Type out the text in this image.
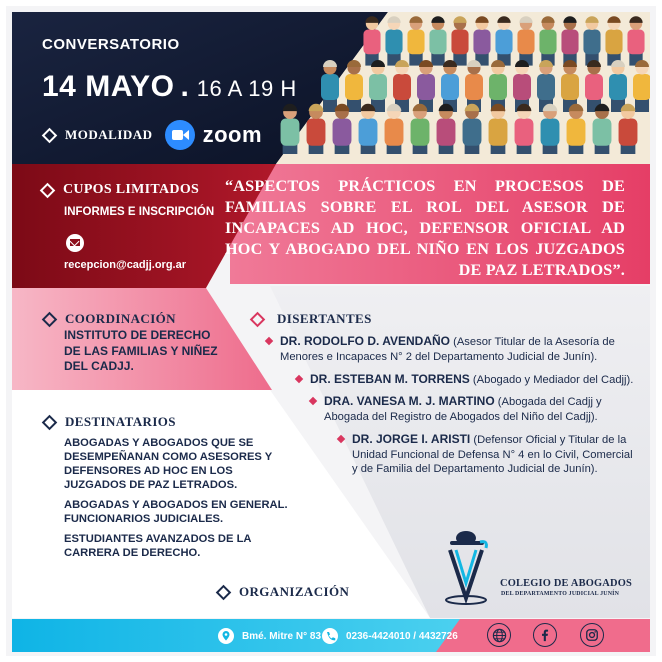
CONVERSATORIO
14 MAYO . 16 A 19 H
MODALIDAD zoom
CUPOS LIMITADOS
INFORMES E INSCRIPCIÓN
recepcion@cadjj.org.ar
“ASPECTOS PRÁCTICOS EN PROCESOS DE FAMILIAS SOBRE EL ROL DEL ASESOR DE INCAPACES AD HOC, DEFENSOR OFICIAL AD HOC Y ABOGADO DEL NIÑO EN LOS JUZGADOS DE PAZ LETRADOS”.
COORDINACIÓN
INSTITUTO DE DERECHO DE LAS FAMILIAS Y NIÑEZ DEL CADJJ.
DISERTANTES
DR. RODOLFO D. AVENDAÑO (Asesor Titular de la Asesoría de Menores e Incapaces N° 2 del Departamento Judicial de Junín).
DR. ESTEBAN M. TORRENS (Abogado y Mediador del Cadjj).
DRA. VANESA M. J. MARTINO (Abogada del Cadjj y Abogada del Registro de Abogados del Niño del Cadjj).
DR. JORGE I. ARISTI (Defensor Oficial y Titular de la Unidad Funcional de Defensa N° 4 en lo Civil, Comercial y de Familia del Departamento Judicial de Junín).
DESTINATARIOS

ABOGADAS Y ABOGADOS QUE SE DESEMPEÑANAN COMO ASESORES Y DEFENSORES AD HOC EN LOS JUZGADOS DE PAZ LETRADOS.

ABOGADAS Y ABOGADOS EN GENERAL. FUNCIONARIOS JUDICIALES.

ESTUDIANTES AVANZADOS DE LA CARRERA DE DERECHO.

ORGANIZACIÓN
COLEGIO DE ABOGADOS
DEL DEPARTAMENTO JUDICIAL JUNÍN
Bmé. Mitre N° 83 0236-4424010 / 4432726
